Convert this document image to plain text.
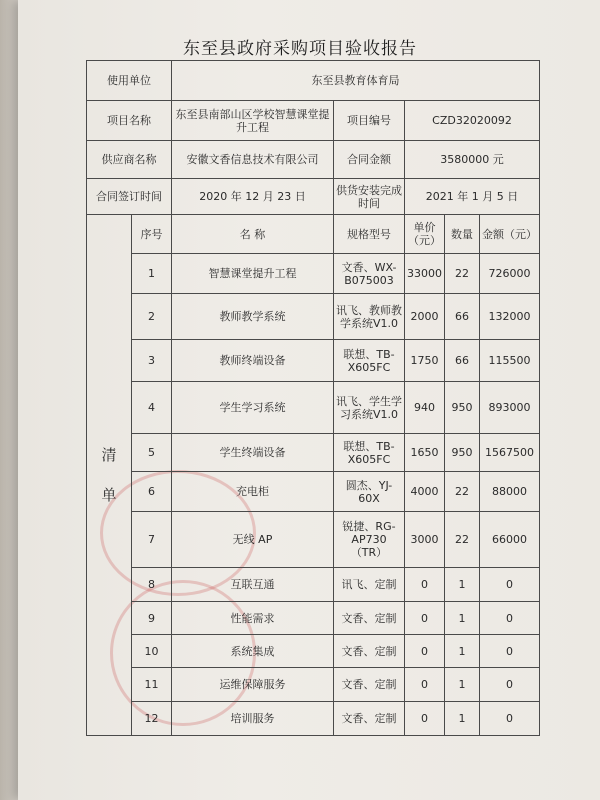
东至县政府采购项目验收报告
使用单位		东至县教育体育局				
项目名称		东至县南部山区学校智慧课堂提升工程	项目编号	CZD32020092		
供应商名称		安徽文香信息技术有限公司	合同金额	3580000 元		
合同签订时间		2020 年 12 月 23 日	供货安装完成时间	2021 年 1 月 5 日		

清
单	序号	名 称	规格型号	单价（元）	数量	金额（元）
	1	智慧课堂提升工程	文香、WX-B075003	33000	22	726000
	2	教师教学系统	讯飞、教师教学系统V1.0	2000	66	132000
	3	教师终端设备	联想、TB-X605FC	1750	66	115500
	4	学生学习系统	讯飞、学生学习系统V1.0	940	950	893000
	5	学生终端设备	联想、TB-X605FC	1650	950	1567500
	6	充电柜	圆杰、YJ-60X	4000	22	88000
	7	无线 AP	锐捷、RG-AP730（TR）	3000	22	66000
	8	互联互通	讯飞、定制	0	1	0
	9	性能需求	文香、定制	0	1	0
	10	系统集成	文香、定制	0	1	0
	11	运维保障服务	文香、定制	0	1	0
	12	培训服务	文香、定制	0	1	0
